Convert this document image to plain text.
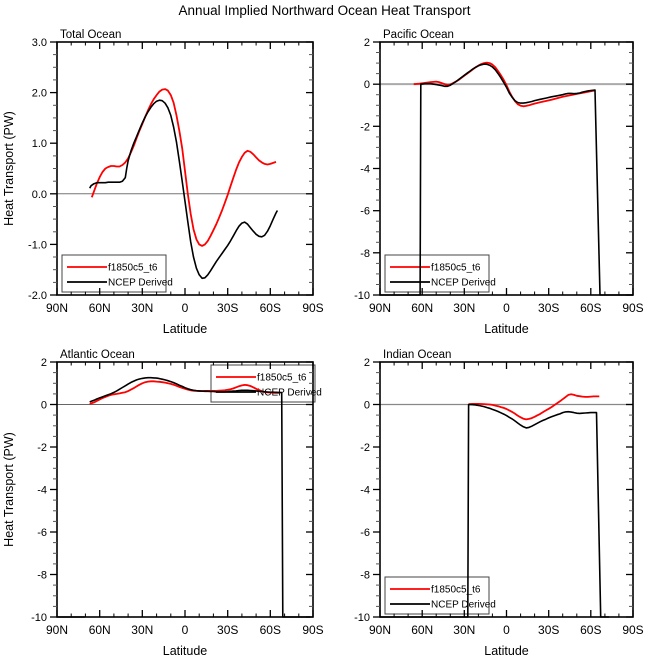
Annual Implied Northward Ocean Heat Transport
f1850c5_t6
NCEP Derived
90N 60N 30N 0 30S 60S 90S
3.0
2.0
1.0
0.0
-1.0
-2.0
Total Ocean
Latitude
Heat Transport (PW)
f1850c5_t6
NCEP Derived
90N 60N 30N 0 30S 60S 90S
2
0
-2
-4
-6
-8
-10
Pacific Ocean
Latitude
f1850c5_t6
NCEP Derived
90N 60N 30N 0 30S 60S 90S
2
0
-2
-4
-6
-8
-10
Atlantic Ocean
Latitude
Heat Transport (PW)
f1850c5_t6
NCEP Derived
90N 60N 30N 0 30S 60S 90S
2
0
-2
-4
-6
-8
-10
Indian Ocean
Latitude
